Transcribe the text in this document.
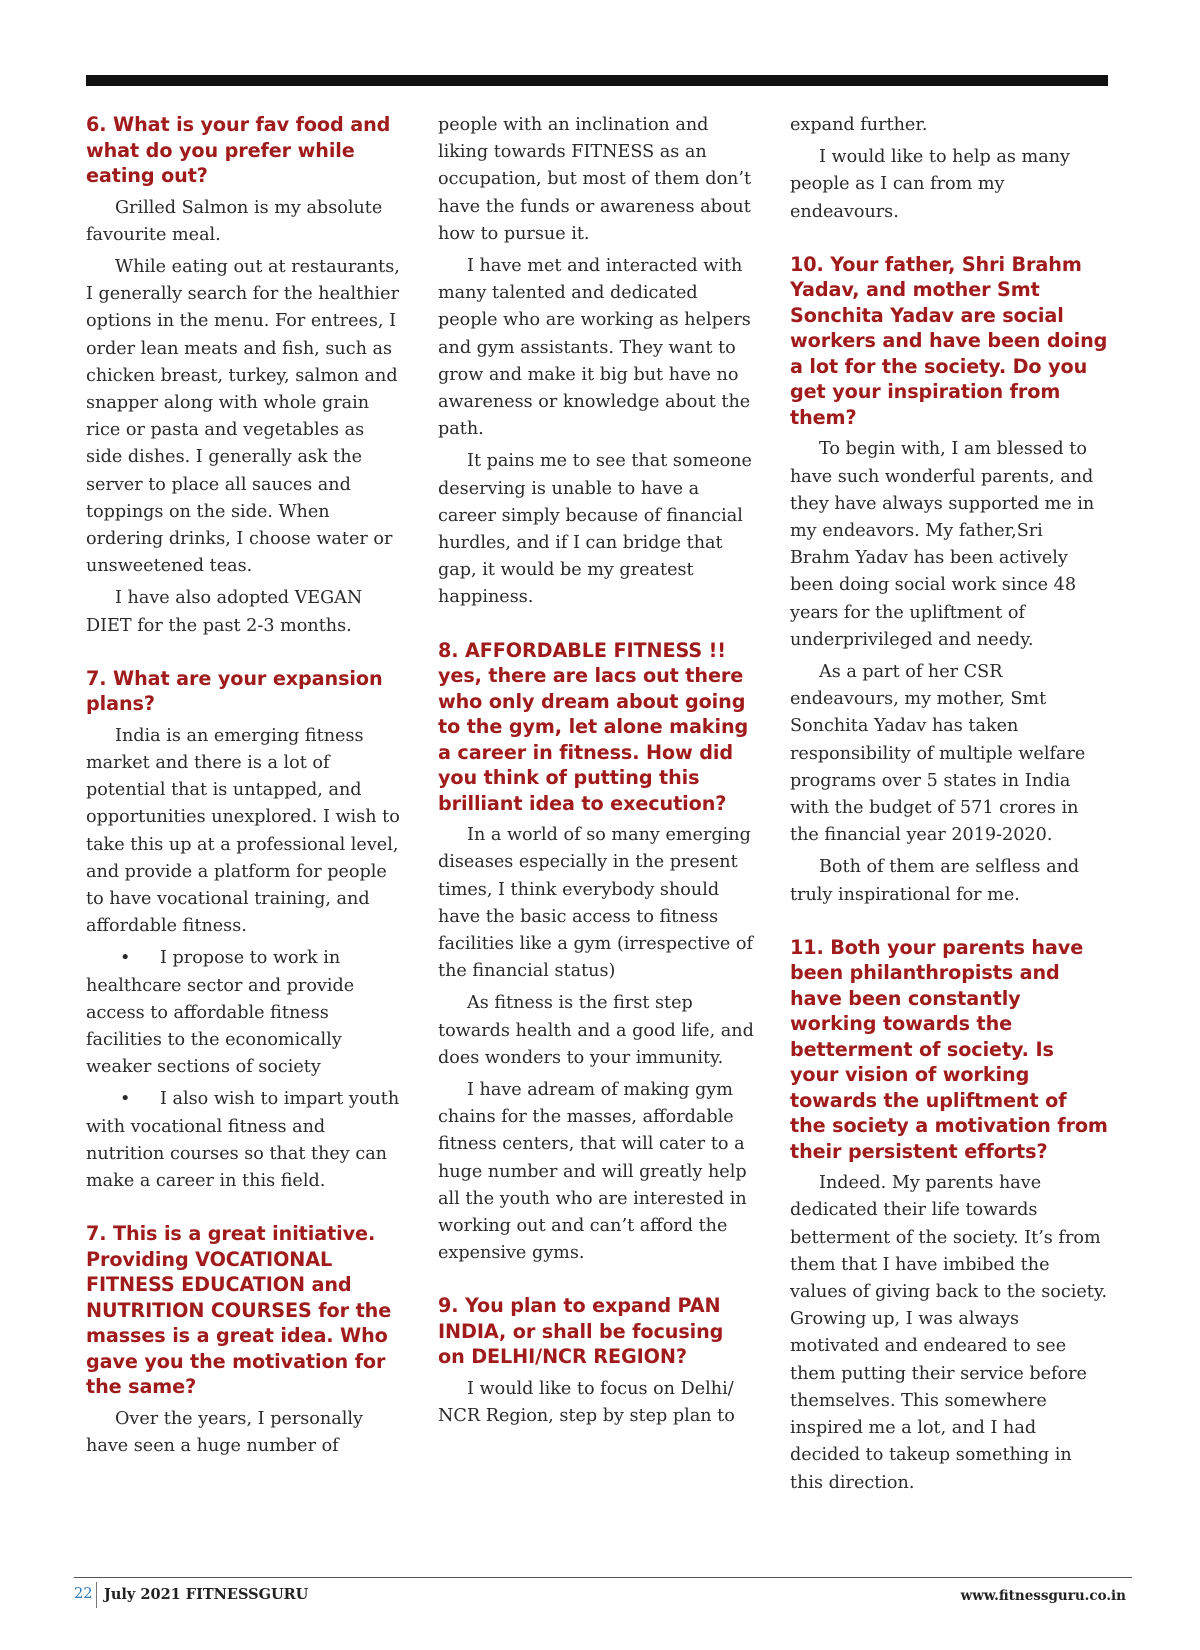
6. What is your fav food and what do you prefer while eating out?

Grilled Salmon is my absolute favourite meal.

While eating out at restaurants, I generally search for the healthier options in the menu. For entrees, I order lean meats and fish, such as chicken breast, turkey, salmon and snapper along with whole grain rice or pasta and vegetables as side dishes. I generally ask the server to place all sauces and toppings on the side. When ordering drinks, I choose water or unsweetened teas.

I have also adopted VEGAN DIET for the past 2-3 months.

7. What are your expansion plans?

India is an emerging fitness market and there is a lot of potential that is untapped, and opportunities unexplored. I wish to take this up at a professional level, and provide a platform for people to have vocational training, and affordable fitness.

• I propose to work in healthcare sector and provide access to affordable fitness facilities to the economically weaker sections of society

• I also wish to impart youth with vocational fitness and nutrition courses so that they can make a career in this field.

7. This is a great initiative. Providing VOCATIONAL FITNESS EDUCATION and NUTRITION COURSES for the masses is a great idea. Who gave you the motivation for the same?

Over the years, I personally have seen a huge number of

people with an inclination and liking towards FITNESS as an occupation, but most of them don’t have the funds or awareness about how to pursue it.

I have met and interacted with many talented and dedicated people who are working as helpers and gym assistants. They want to grow and make it big but have no awareness or knowledge about the path.

It pains me to see that someone deserving is unable to have a career simply because of financial hurdles, and if I can bridge that gap, it would be my greatest happiness.

8. AFFORDABLE FITNESS !! yes, there are lacs out there who only dream about going to the gym, let alone making a career in fitness. How did you think of putting this brilliant idea to execution?

In a world of so many emerging diseases especially in the present times, I think everybody should have the basic access to fitness facilities like a gym (irrespective of the financial status)

As fitness is the first step towards health and a good life, and does wonders to your immunity.

I have adream of making gym chains for the masses, affordable fitness centers, that will cater to a huge number and will greatly help all the youth who are interested in working out and can’t afford the expensive gyms.

9. You plan to expand PAN INDIA, or shall be focusing on DELHI/NCR REGION?

I would like to focus on Delhi/ NCR Region, step by step plan to

expand further.

I would like to help as many people as I can from my endeavours.

10. Your father, Shri Brahm Yadav, and mother Smt Sonchita Yadav are social workers and have been doing a lot for the society. Do you get your inspiration from them?

To begin with, I am blessed to have such wonderful parents, and they have always supported me in my endeavors. My father,Sri Brahm Yadav has been actively been doing social work since 48 years for the upliftment of underprivileged and needy.

As a part of her CSR endeavours, my mother, Smt Sonchita Yadav has taken responsibility of multiple welfare programs over 5 states in India with the budget of 571 crores in the financial year 2019-2020.

Both of them are selfless and truly inspirational for me.

11. Both your parents have been philanthropists and have been constantly working towards the betterment of society. Is your vision of working towards the upliftment of the society a motivation from their persistent efforts?

Indeed. My parents have dedicated their life towards betterment of the society. It’s from them that I have imbibed the values of giving back to the society. Growing up, I was always motivated and endeared to see them putting their service before themselves. This somewhere inspired me a lot, and I had decided to takeup something in this direction.

22 July 2021 FITNESSGURU	www.fitnessguru.co.in
